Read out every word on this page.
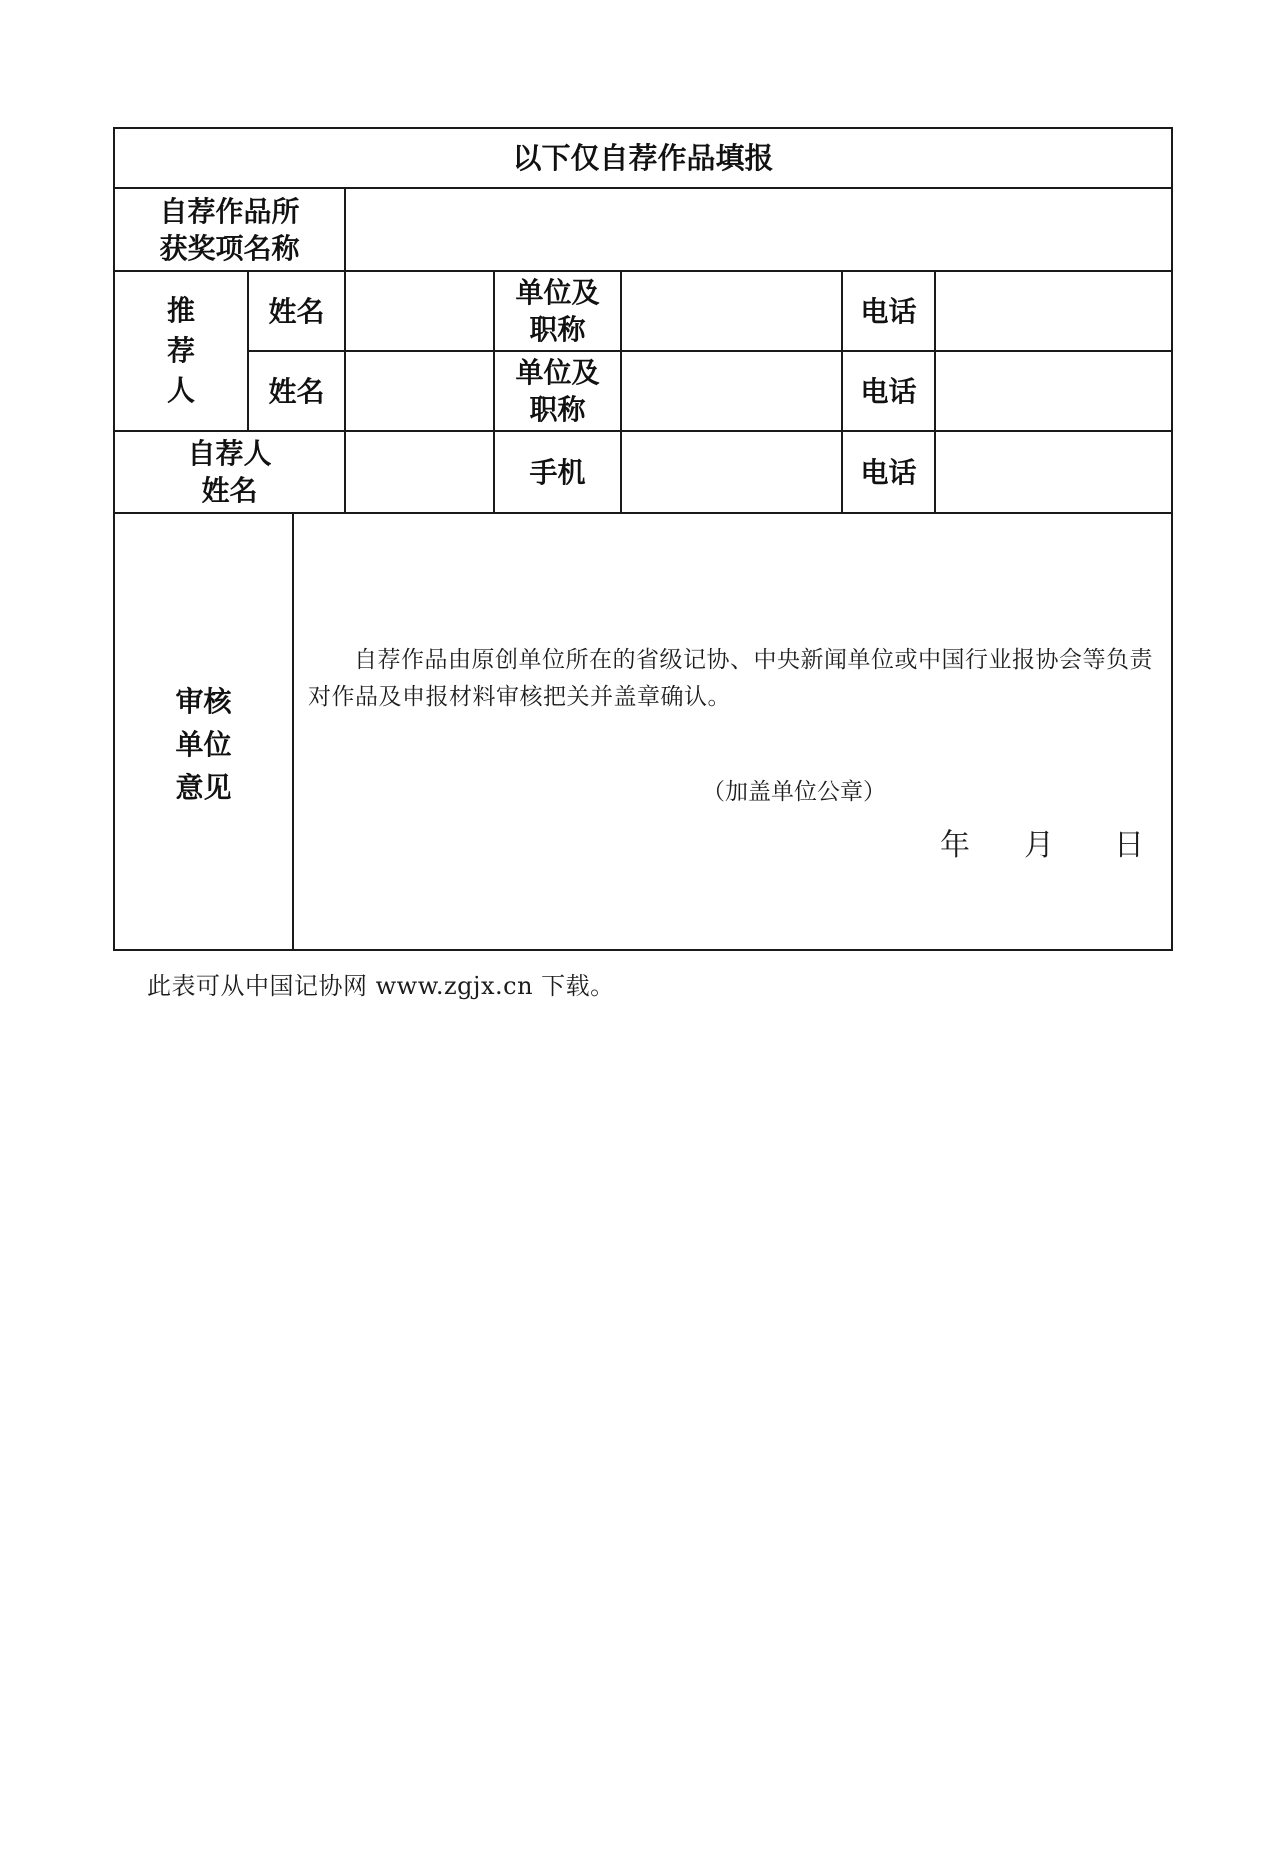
以下仅自荐作品填报
自荐作品所
获奖项名称
推
荐
人
姓名
单位及
职称
电话
姓名
单位及
职称
电话
自荐人
姓名
手机	电话
审核
单位
意见
自荐作品由原创单位所在的省级记协、中央新闻单位或中国行业报协会等负责对作品及申报材料审核把关并盖章确认。
（加盖单位公章）
年 月 日
此表可从中国记协网 www.zgjx.cn 下载。
